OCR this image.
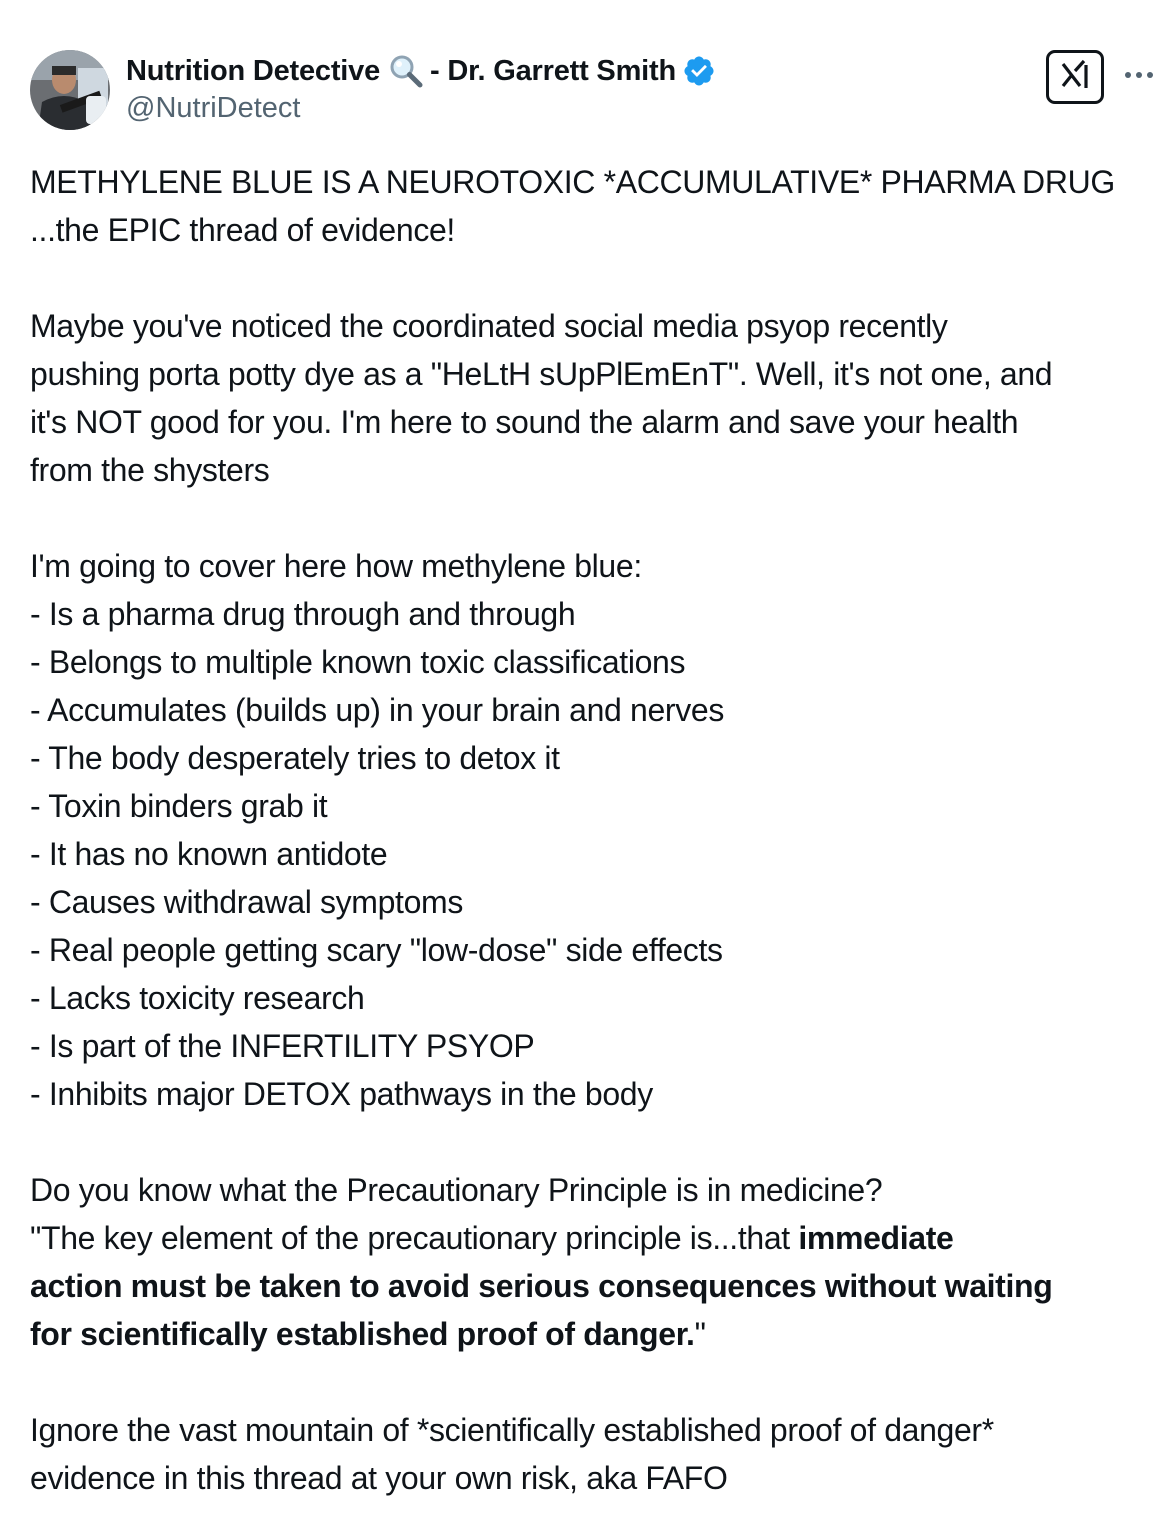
Nutrition Detective - Dr. Garrett Smith
@NutriDetect
METHYLENE BLUE IS A NEUROTOXIC *ACCUMULATIVE* PHARMA DRUG
...the EPIC thread of evidence!
Maybe you've noticed the coordinated social media psyop recently
pushing porta potty dye as a "HeLtH sUpPlEmEnT". Well, it's not one, and
it's NOT good for you. I'm here to sound the alarm and save your health
from the shysters
I'm going to cover here how methylene blue:
- Is a pharma drug through and through
- Belongs to multiple known toxic classifications
- Accumulates (builds up) in your brain and nerves
- The body desperately tries to detox it
- Toxin binders grab it
- It has no known antidote
- Causes withdrawal symptoms
- Real people getting scary "low-dose" side effects
- Lacks toxicity research
- Is part of the INFERTILITY PSYOP
- Inhibits major DETOX pathways in the body
Do you know what the Precautionary Principle is in medicine?
"The key element of the precautionary principle is...that immediate
action must be taken to avoid serious consequences without waiting
for scientifically established proof of danger."
Ignore the vast mountain of *scientifically established proof of danger*
evidence in this thread at your own risk, aka FAFO
